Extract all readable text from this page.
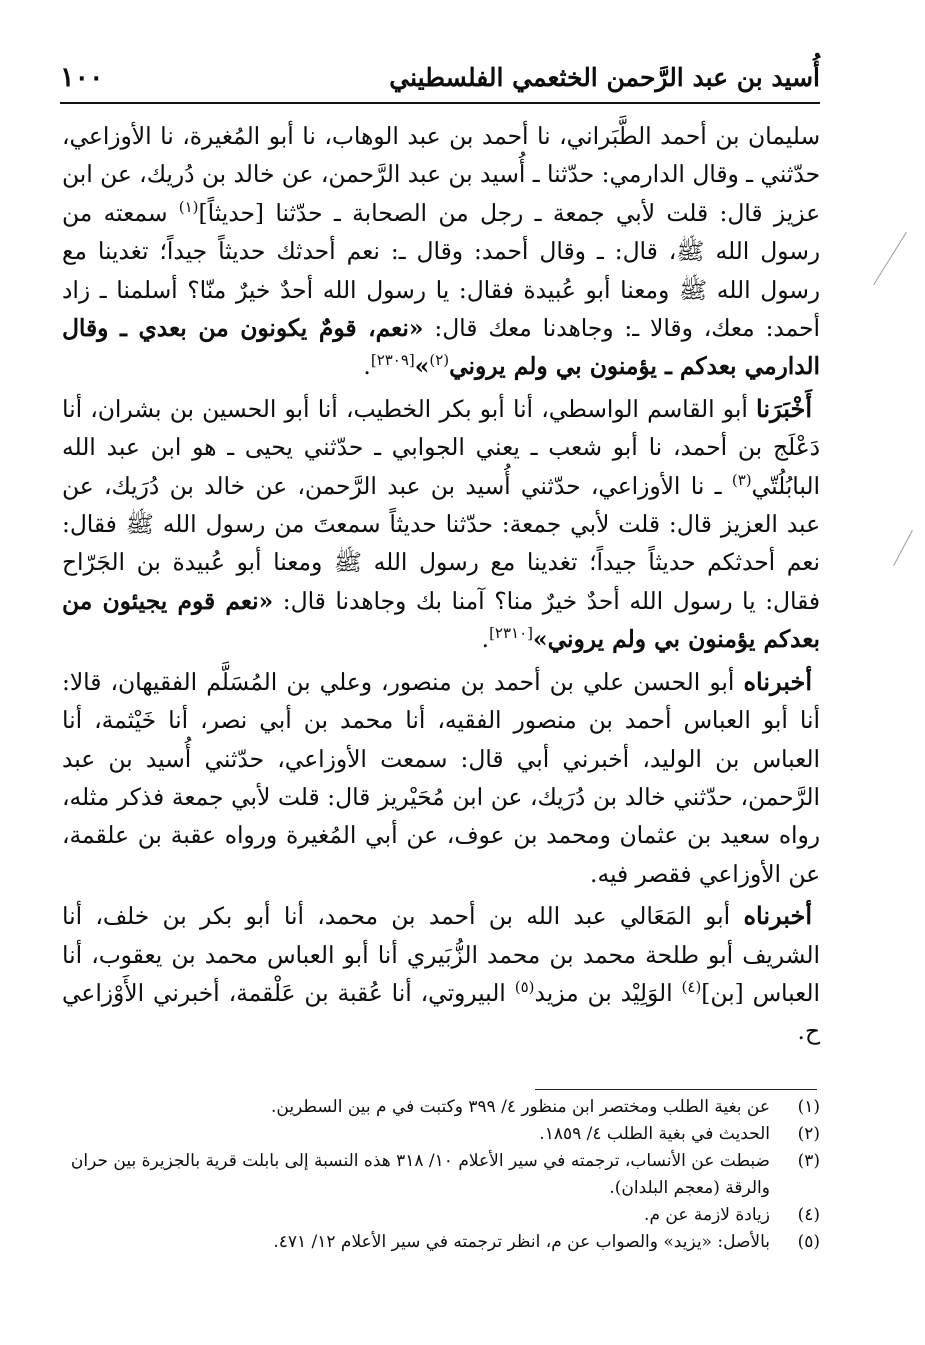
أُسيد بن عبد الرَّحمن الخثعمي الفلسطيني
١٠٠

سليمان بن أحمد الطَّبَراني، نا أحمد بن عبد الوهاب، نا أبو المُغيرة، نا الأوزاعي، حدّثني ـ وقال الدارمي: حدّثنا ـ أُسيد بن عبد الرَّحمن، عن خالد بن دُريك، عن ابن عزيز قال: قلت لأبي جمعة ـ رجل من الصحابة ـ حدّثنا [حديثاً]$^{(١)}$ سمعته من رسول الله ﷺ، قال: ـ وقال أحمد: وقال ـ: نعم أحدثك حديثاً جيداً؛ تغدينا مع رسول الله ﷺ ومعنا أبو عُبيدة فقال: يا رسول الله أحدٌ خيرٌ منّا؟ أسلمنا ـ زاد أحمد: معك، وقالا ـ: وجاهدنا معك قال: «نعم، قومٌ يكونون من بعدي ـ وقال الدارمي بعدكم ـ يؤمنون بي ولم يروني$^{(٢)}$»[٢٣٠٩].

أَخْبَرَنا أبو القاسم الواسطي، أنا أبو بكر الخطيب، أنا أبو الحسين بن بشران، أنا دَعْلَج بن أحمد، نا أبو شعب ـ يعني الجوابي ـ حدّثني يحيى ـ هو ابن عبد الله البابُلُتّي$^{(٣)}$ ـ نا الأوزاعي، حدّثني أُسيد بن عبد الرَّحمن، عن خالد بن دُرَيك، عن عبد العزيز قال: قلت لأبي جمعة: حدّثنا حديثاً سمعتَ من رسول الله ﷺ فقال: نعم أحدثكم حديثاً جيداً؛ تغدينا مع رسول الله ﷺ ومعنا أبو عُبيدة بن الجَرّاح فقال: يا رسول الله أحدٌ خيرٌ منا؟ آمنا بك وجاهدنا قال: «نعم قوم يجيئون من بعدكم يؤمنون بي ولم يروني»[٢٣١٠].

أخبرناه أبو الحسن علي بن أحمد بن منصور، وعلي بن المُسَلَّم الفقيهان، قالا: أنا أبو العباس أحمد بن منصور الفقيه، أنا محمد بن أبي نصر، أنا خَيْثمة، أنا العباس بن الوليد، أخبرني أبي قال: سمعت الأوزاعي، حدّثني أُسيد بن عبد الرَّحمن، حدّثني خالد بن دُرَيك، عن ابن مُحَيْريز قال: قلت لأبي جمعة فذكر مثله، رواه سعيد بن عثمان ومحمد بن عوف، عن أبي المُغيرة ورواه عقبة بن علقمة، عن الأوزاعي فقصر فيه.

أخبرناه أبو المَعَالي عبد الله بن أحمد بن محمد، أنا أبو بكر بن خلف، أنا الشريف أبو طلحة محمد بن محمد الزُّبَيري أنا أبو العباس محمد بن يعقوب، أنا العباس [بن]$^{(٤)}$ الوَلِيْد بن مزيد$^{(٥)}$ البيروتي، أنا عُقبة بن عَلْقمة، أخبرني الأَوْزاعي ح.

(١)
عن بغية الطلب ومختصر ابن منظور ٤/ ٣٩٩ وكتبت في م بين السطرين.
(٢)
الحديث في بغية الطلب ٤/ ١٨٥٩.
(٣)
ضبطت عن الأنساب، ترجمته في سير الأعلام ١٠/ ٣١٨ هذه النسبة إلى بابلت قرية بالجزيرة بين حران والرقة (معجم البلدان).
(٤)
زيادة لازمة عن م.
(٥)
بالأصل: «يزيد» والصواب عن م، انظر ترجمته في سير الأعلام ١٢/ ٤٧١.
